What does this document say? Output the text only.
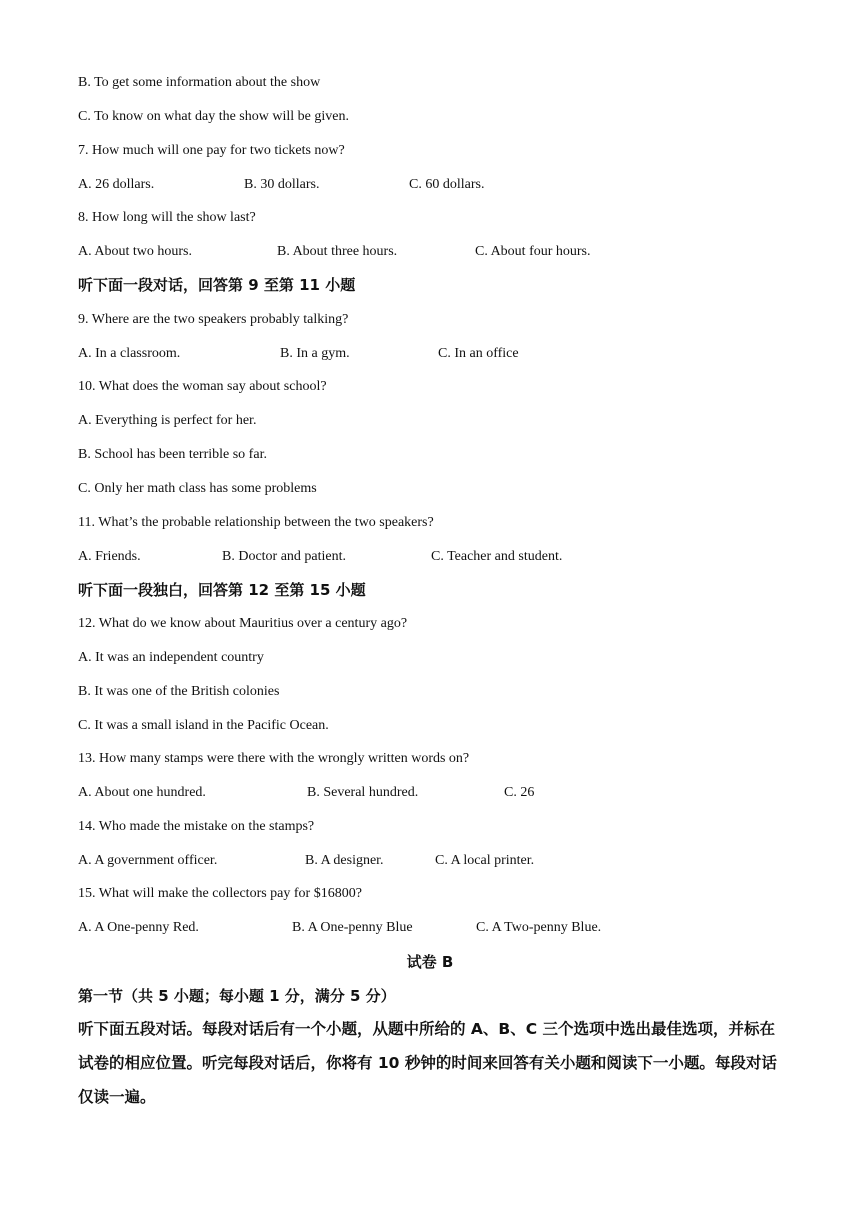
B. To get some information about the show
C. To know on what day the show will be given.
7. How much will one pay for two tickets now?
A. 26 dollars.	B. 30 dollars.	C. 60 dollars.
8. How long will the show last?
A. About two hours.	B. About three hours.	C. About four hours.
听下面一段对话，回答第 9 至第 11 小题
9. Where are the two speakers probably talking?
A. In a classroom.	B. In a gym.	C. In an office
10. What does the woman say about school?
A. Everything is perfect for her.
B. School has been terrible so far.
C. Only her math class has some problems
11. What’s the probable relationship between the two speakers?
A. Friends.	B. Doctor and patient.	C. Teacher and student.
听下面一段独白，回答第 12 至第 15 小题
12. What do we know about Mauritius over a century ago?
A. It was an independent country
B. It was one of the British colonies
C. It was a small island in the Pacific Ocean.
13. How many stamps were there with the wrongly written words on?
A. About one hundred.	B. Several hundred.	C. 26
14. Who made the mistake on the stamps?
A. A government officer.	B. A designer.	C. A local printer.
15. What will make the collectors pay for $16800?
A. A One-penny Red.	B. A One-penny Blue	C. A Two-penny Blue.
试卷 B
第一节（共 5 小题；每小题 1 分，满分 5 分）

听下面五段对话。每段对话后有一个小题，从题中所给的 A、B、C 三个选项中选出最佳选项，并标在试卷的相应位置。听完每段对话后，你将有 10 秒钟的时间来回答有关小题和阅读下一小题。每段对话仅读一遍。
